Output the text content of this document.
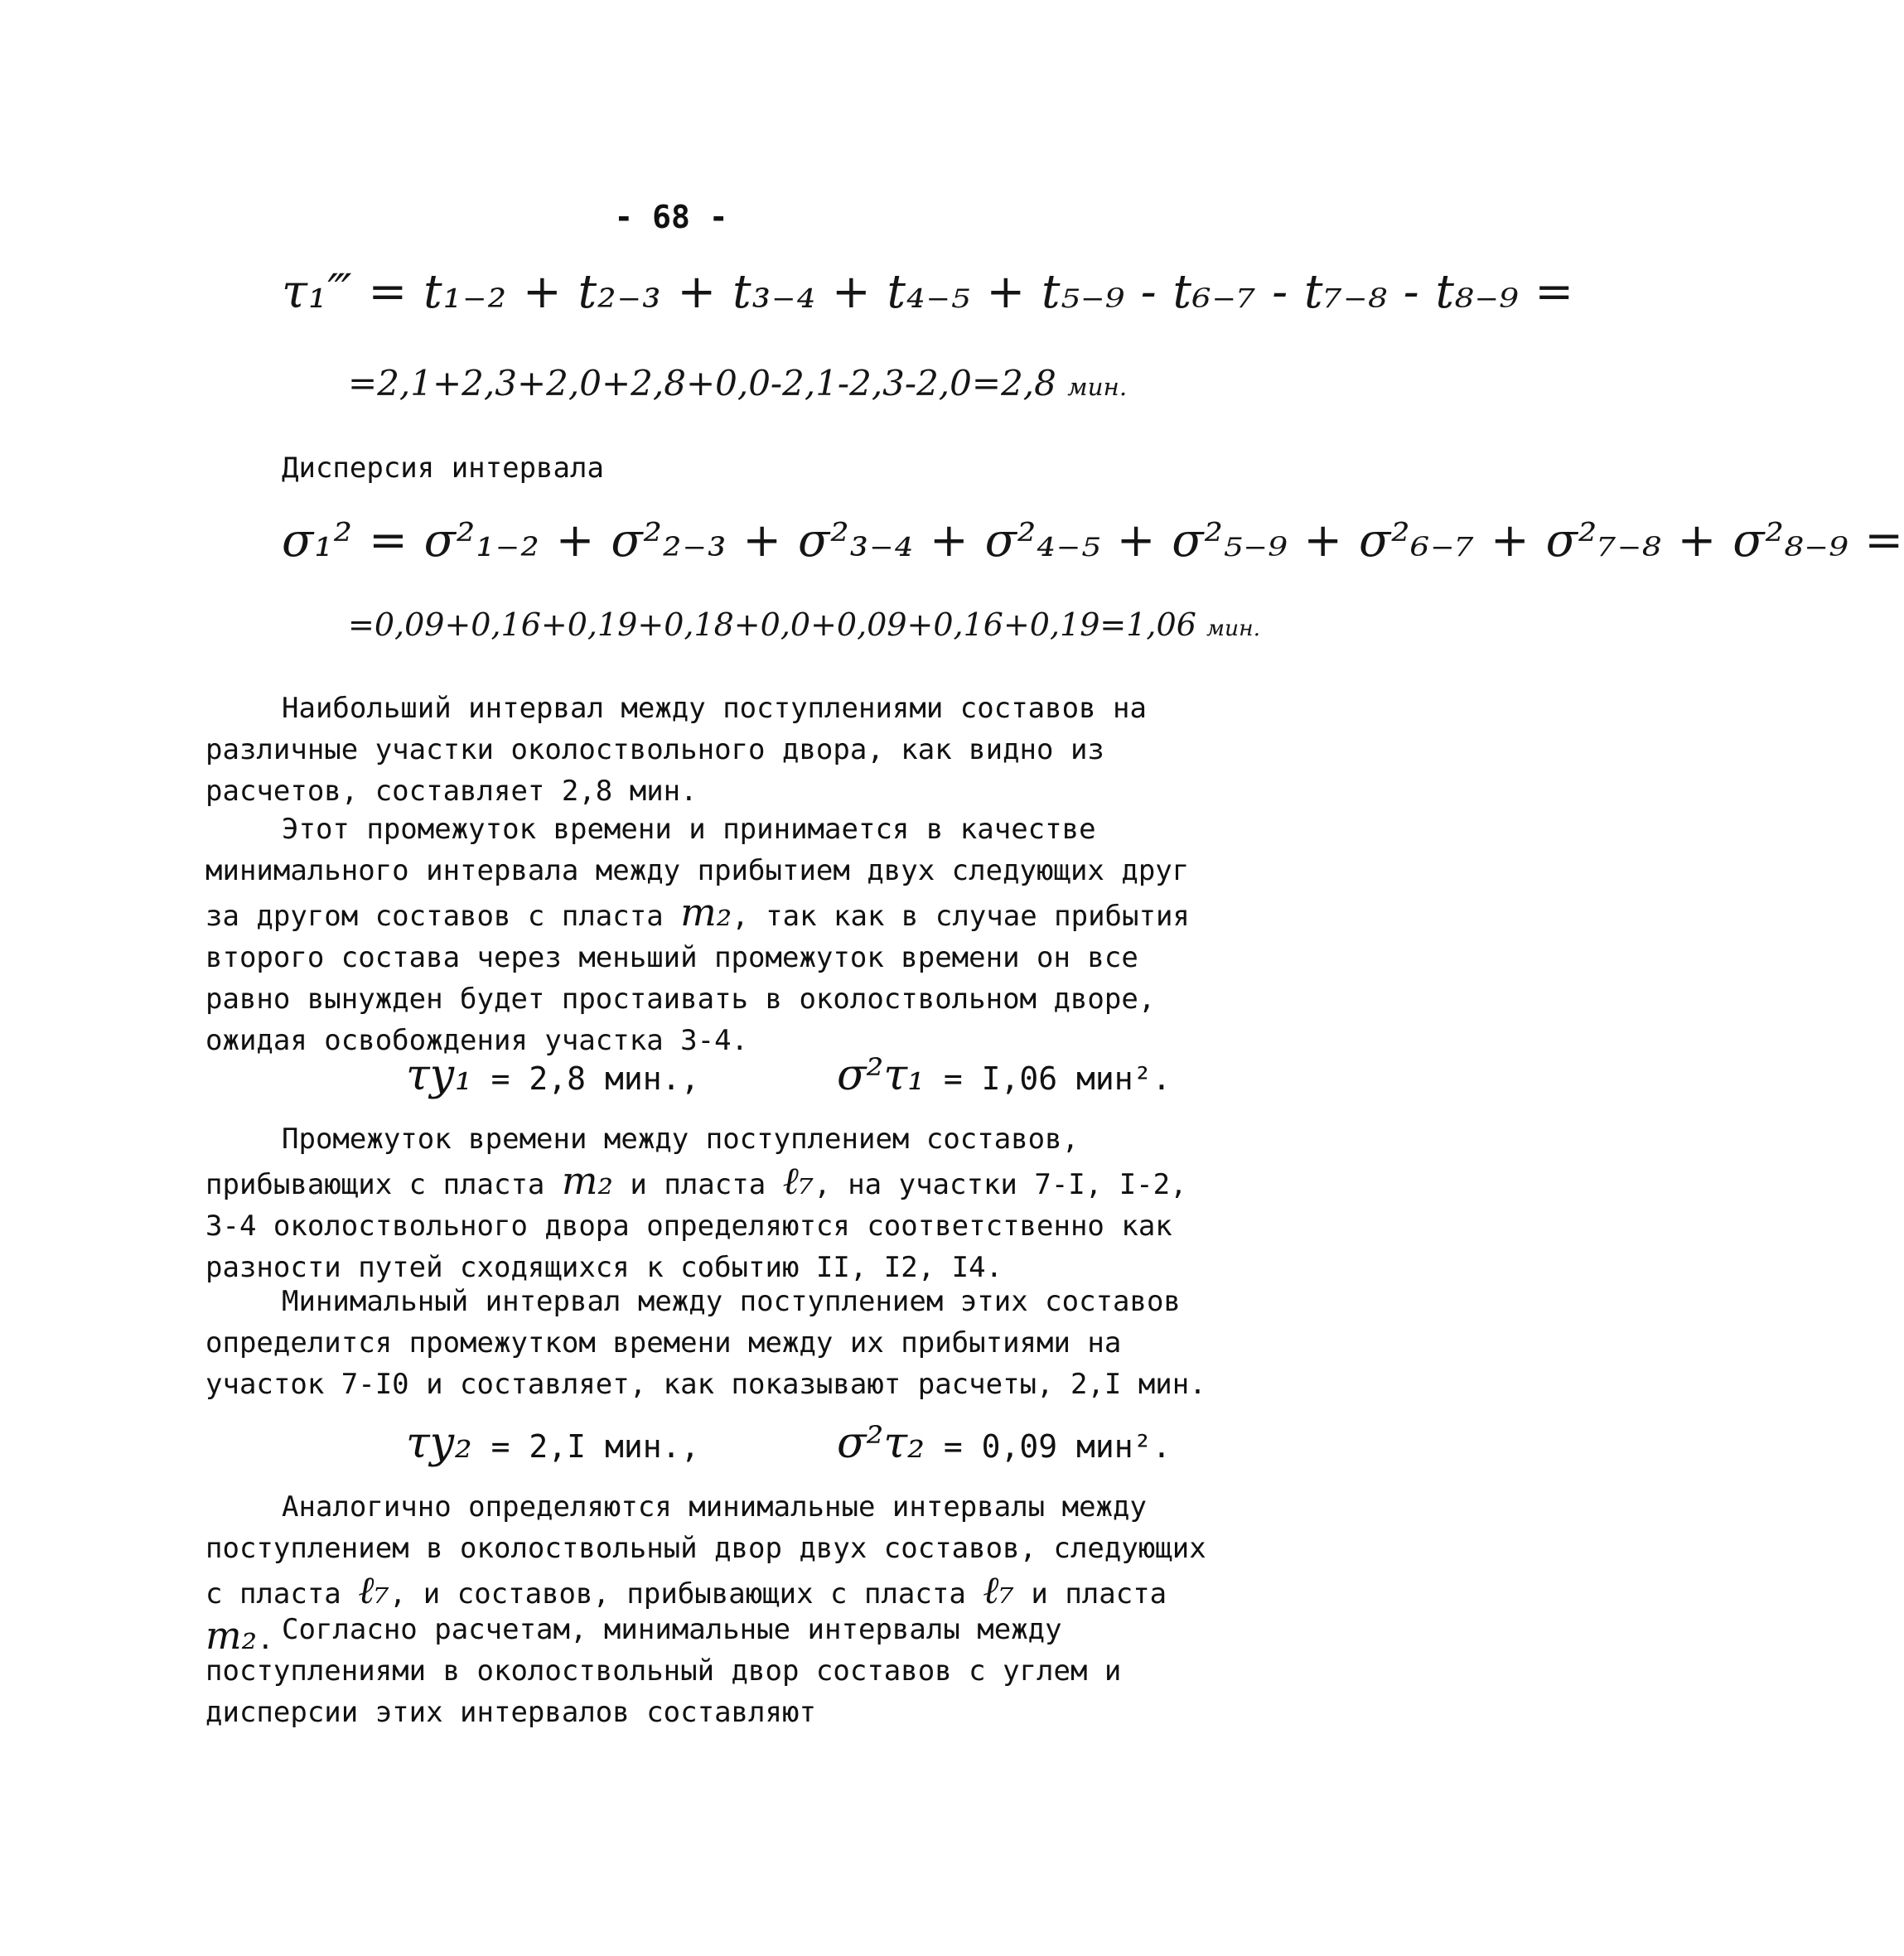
- 68 -
τ₁‴ = t₁₋₂ + t₂₋₃ + t₃₋₄ + t₄₋₅ + t₅₋₉ - t₆₋₇ - t₇₋₈ - t₈₋₉ =
=2,1+2,3+2,0+2,8+0,0-2,1-2,3-2,0=2,8 мин.
Дисперсия интервала
σ₁² = σ²₁₋₂ + σ²₂₋₃ + σ²₃₋₄ + σ²₄₋₅ + σ²₅₋₉ + σ²₆₋₇ + σ²₇₋₈ + σ²₈₋₉ =
=0,09+0,16+0,19+0,18+0,0+0,09+0,16+0,19=1,06 мин.

Наибольший интервал между поступлениями составов на различные участки околоствольного двора, как видно из расчетов, составляет 2,8 мин.

Этот промежуток времени и принимается в качестве минимального интервала между прибытием двух следующих друг за другом составов с пласта m₂, так как в случае прибытия второго состава через меньший промежуток времени он все равно вынужден будет простаивать в околоствольном дворе, ожидая освобождения участка 3-4.

τу₁ = 2,8 мин.,	σ²τ₁ = I,06 мин².

Промежуток времени между поступлением составов, прибывающих с пласта m₂ и пласта ℓ₇, на участки 7-I, I-2, 3-4 околоствольного двора определяются соответственно как разности путей сходящихся к событию II, I2, I4.

Минимальный интервал между поступлением этих составов определится промежутком времени между их прибытиями на участок 7-I0 и составляет, как показывают расчеты, 2,I мин.

τу₂ = 2,I мин.,	σ²τ₂ = 0,09 мин².

Аналогично определяются минимальные интервалы между поступлением в околоствольный двор двух составов, следующих с пласта ℓ₇, и составов, прибывающих с пласта ℓ₇ и пласта m₂. Согласно расчетам, минимальные интервалы между поступлениями в околоствольный двор составов с углем и дисперсии этих интервалов составляют
